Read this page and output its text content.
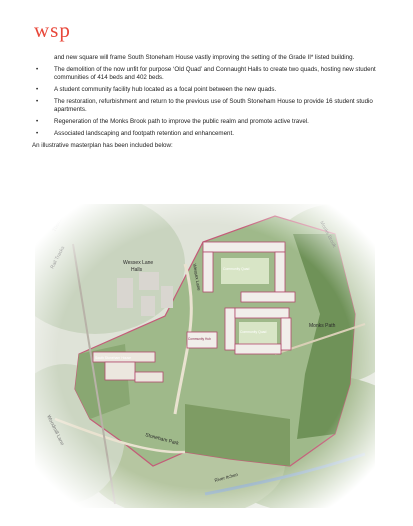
wsp

and new square will frame South Stoneham House vastly improving the setting of the Grade II* listed building.

•	The demolition of the now unfit for purpose ‘Old Quad’ and Connaught Halls to create two quads, hosting new student communities of 414 beds and 402 beds.
•	A student community facility hub located as a focal point between the new quads.
•	The restoration, refurbishment and return to the previous use of South Stoneham House to provide 16 student studio apartments.
•	Regeneration of the Monks Brook path to improve the public realm and promote active travel.
•	Associated landscaping and footpath retention and enhancement.

An illustrative masterplan has been included below:
